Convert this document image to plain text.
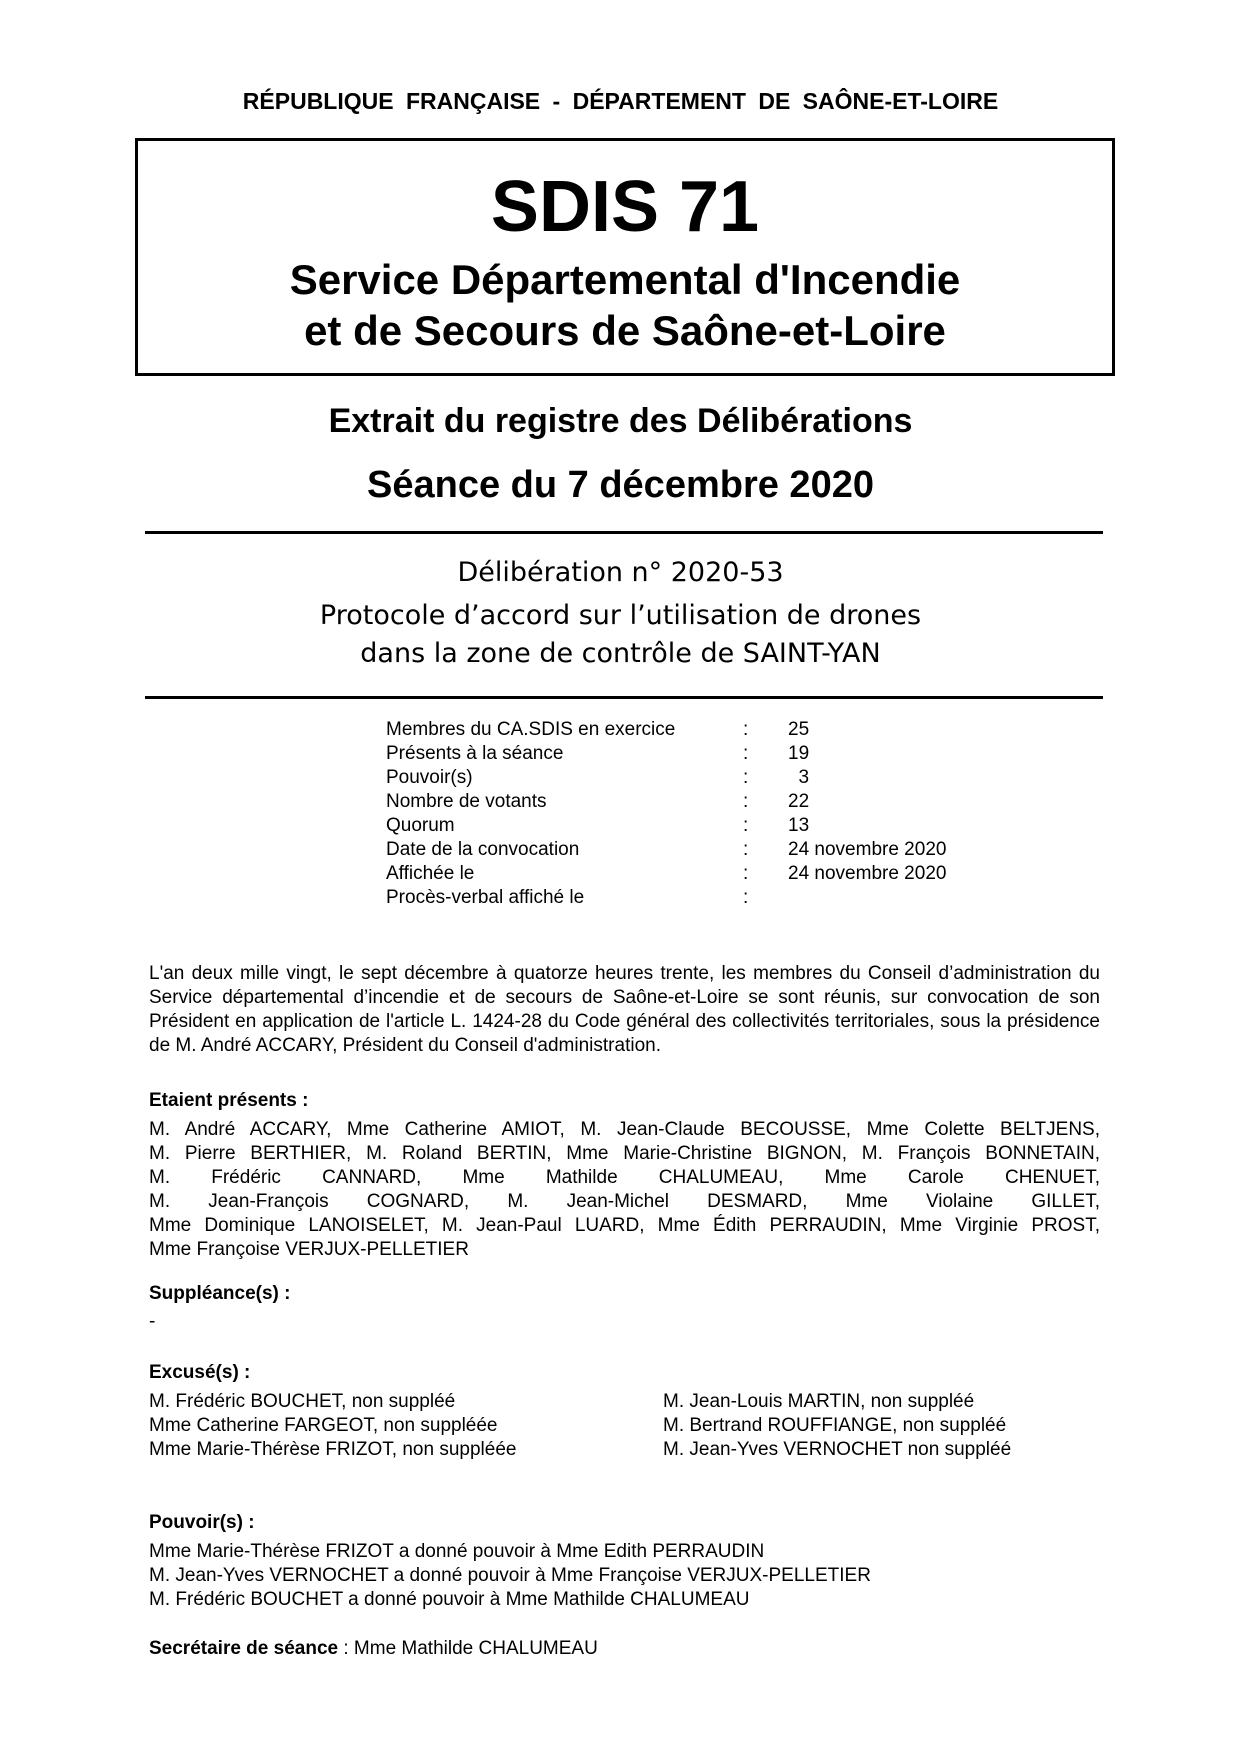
RÉPUBLIQUE FRANÇAISE - DÉPARTEMENT DE SAÔNE-ET-LOIRE
SDIS 71
Service Départemental d'Incendie
et de Secours de Saône-et-Loire
Extrait du registre des Délibérations
Séance du 7 décembre 2020
Délibération n° 2020-53
Protocole d’accord sur l’utilisation de drones
dans la zone de contrôle de SAINT-YAN
Membres du CA.SDIS en exercice	: 25
Présents à la séance	: 19
Pouvoir(s)	: 3
Nombre de votants	: 22
Quorum	: 13
Date de la convocation	: 24 novembre 2020
Affichée le	: 24 novembre 2020
Procès-verbal affiché le	:
L'an deux mille vingt, le sept décembre à quatorze heures trente, les membres du Conseil d’administration du Service départemental d’incendie et de secours de Saône-et-Loire se sont réunis, sur convocation de son Président en application de l'article L. 1424-28 du Code général des collectivités territoriales, sous la présidence de M. André ACCARY, Président du Conseil d'administration.
Etaient présents :
M. André ACCARY, Mme Catherine AMIOT, M. Jean-Claude BECOUSSE, Mme Colette BELTJENS,
M. Pierre BERTHIER, M. Roland BERTIN, Mme Marie-Christine BIGNON, M. François BONNETAIN,
M. Frédéric CANNARD, Mme Mathilde CHALUMEAU, Mme Carole CHENUET,
M. Jean-François COGNARD, M. Jean-Michel DESMARD, Mme Violaine GILLET,
Mme Dominique LANOISELET, M. Jean-Paul LUARD, Mme Édith PERRAUDIN, Mme Virginie PROST,
Mme Françoise VERJUX-PELLETIER
Suppléance(s) :
-
Excusé(s) :
M. Frédéric BOUCHET, non suppléé
Mme Catherine FARGEOT, non suppléée
Mme Marie-Thérèse FRIZOT, non suppléée
M. Jean-Louis MARTIN, non suppléé
M. Bertrand ROUFFIANGE, non suppléé
M. Jean-Yves VERNOCHET non suppléé
Pouvoir(s) :
Mme Marie-Thérèse FRIZOT a donné pouvoir à Mme Edith PERRAUDIN
M. Jean-Yves VERNOCHET a donné pouvoir à Mme Françoise VERJUX-PELLETIER
M. Frédéric BOUCHET a donné pouvoir à Mme Mathilde CHALUMEAU
Secrétaire de séance : Mme Mathilde CHALUMEAU
